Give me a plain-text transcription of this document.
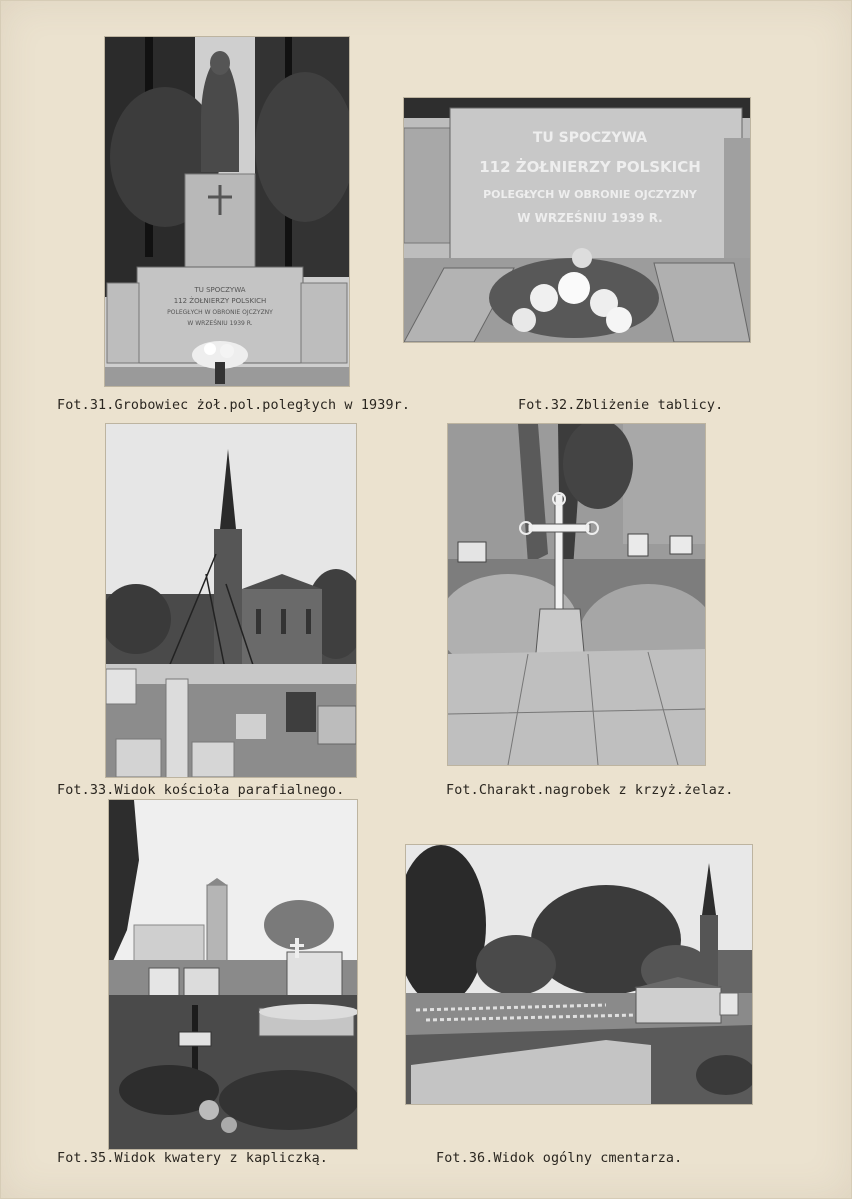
TU SPOCZYWA
112 ŻOŁNIERZY POLSKICH
POLEGŁYCH W OBRONIE OJCZYZNY
W WRZEŚNIU 1939 R.
Fot.31.Grobowiec żoł.pol.poległych w 1939r.
TU SPOCZYWA
112 ŻOŁNIERZY POLSKICH
POLEGŁYCH W OBRONIE OJCZYZNY
W WRZEŚNIU 1939 R.
Fot.32.Zbliżenie tablicy.
Fot.33.Widok kościoła parafialnego.	Fot.Charakt.nagrobek z krzyż.żelaz.
Fot.35.Widok kwatery z kapliczką.	Fot.36.Widok ogólny cmentarza.
